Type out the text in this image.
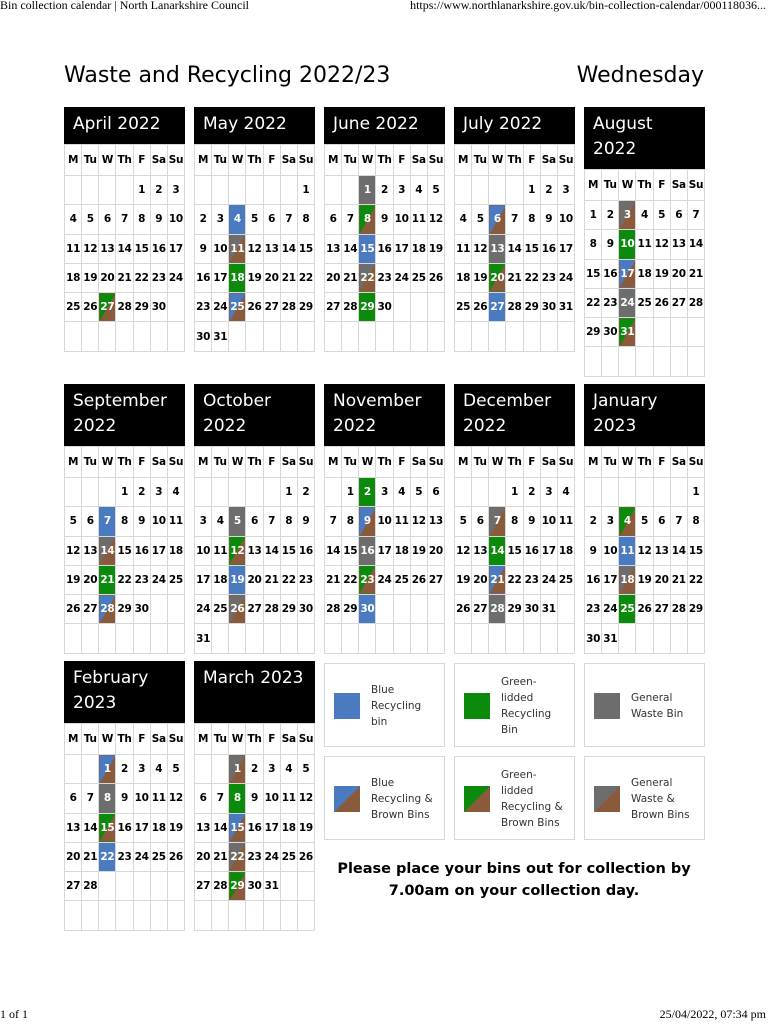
Bin collection calendar | North Lanarkshire Council	https://www.northlanarkshire.gov.uk/bin-collection-calendar/000118036...
Waste and Recycling 2022/23	Wednesday
April 2022
M	Tu	W	Th	F	Sa	Su
				1	2	3
4	5	6	7	8	9	10
11	12	13	14	15	16	17
18	19	20	21	22	23	24
25	26	27	28	29	30	

May 2022
M	Tu	W	Th	F	Sa	Su
						1
2	3	4	5	6	7	8
9	10	11	12	13	14	15
16	17	18	19	20	21	22
23	24	25	26	27	28	29
30	31					
June 2022
M	Tu	W	Th	F	Sa	Su
		1	2	3	4	5
6	7	8	9	10	11	12
13	14	15	16	17	18	19
20	21	22	23	24	25	26
27	28	29	30			

July 2022
M	Tu	W	Th	F	Sa	Su
				1	2	3
4	5	6	7	8	9	10
11	12	13	14	15	16	17
18	19	20	21	22	23	24
25	26	27	28	29	30	31

August 2022
M	Tu	W	Th	F	Sa	Su
1	2	3	4	5	6	7
8	9	10	11	12	13	14
15	16	17	18	19	20	21
22	23	24	25	26	27	28
29	30	31				

September 2022
M	Tu	W	Th	F	Sa	Su
			1	2	3	4
5	6	7	8	9	10	11
12	13	14	15	16	17	18
19	20	21	22	23	24	25
26	27	28	29	30		

October 2022
M	Tu	W	Th	F	Sa	Su
					1	2
3	4	5	6	7	8	9
10	11	12	13	14	15	16
17	18	19	20	21	22	23
24	25	26	27	28	29	30
31						
November 2022
M	Tu	W	Th	F	Sa	Su
	1	2	3	4	5	6
7	8	9	10	11	12	13
14	15	16	17	18	19	20
21	22	23	24	25	26	27
28	29	30				

December 2022
M	Tu	W	Th	F	Sa	Su
			1	2	3	4
5	6	7	8	9	10	11
12	13	14	15	16	17	18
19	20	21	22	23	24	25
26	27	28	29	30	31	

January 2023
M	Tu	W	Th	F	Sa	Su
						1
2	3	4	5	6	7	8
9	10	11	12	13	14	15
16	17	18	19	20	21	22
23	24	25	26	27	28	29
30	31					
February 2023
M	Tu	W	Th	F	Sa	Su
		1	2	3	4	5
6	7	8	9	10	11	12
13	14	15	16	17	18	19
20	21	22	23	24	25	26
27	28					

March 2023
M	Tu	W	Th	F	Sa	Su
		1	2	3	4	5
6	7	8	9	10	11	12
13	14	15	16	17	18	19
20	21	22	23	24	25	26
27	28	29	30	31		

Blue
Recycling
bin
Green-
lidded
Recycling
Bin
General
Waste Bin
Blue
Recycling &
Brown Bins
Green-
lidded
Recycling &
Brown Bins
General
Waste &
Brown Bins
Please place your bins out for collection by 7.00am on your collection day.
1 of 1	25/04/2022, 07:34 pm
